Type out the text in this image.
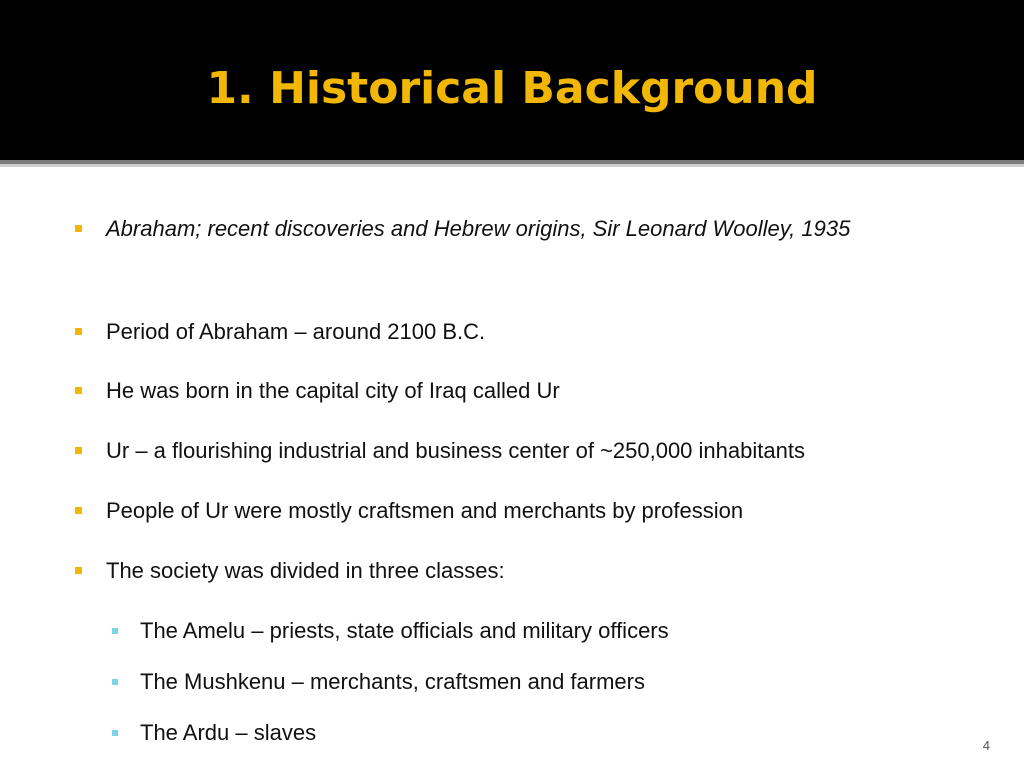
1. Historical Background
Abraham; recent discoveries and Hebrew origins, Sir Leonard Woolley, 1935
Period of Abraham – around 2100 B.C.
He was born in the capital city of Iraq called Ur
Ur – a flourishing industrial and business center of ~250,000 inhabitants
People of Ur were mostly craftsmen and merchants by profession
The society was divided in three classes:
The Amelu – priests, state officials and military officers
The Mushkenu – merchants, craftsmen and farmers
The Ardu – slaves
4
